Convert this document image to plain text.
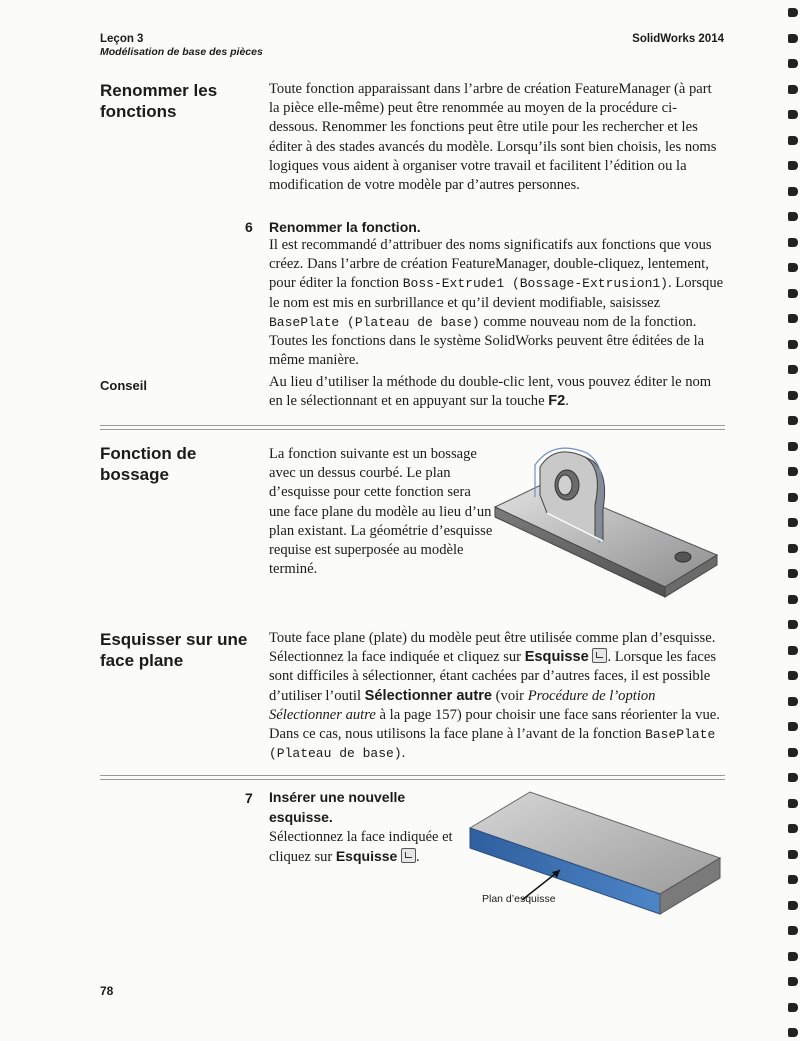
Leçon 3
Modélisation de base des pièces
SolidWorks 2014
Renommer les fonctions
Toute fonction apparaissant dans l’arbre de création FeatureManager (à part la pièce elle-même) peut être renommée au moyen de la procédure ci-dessous. Renommer les fonctions peut être utile pour les rechercher et les éditer à des stades avancés du modèle. Lorsqu’ils sont bien choisis, les noms logiques vous aident à organiser votre travail et facilitent l’édition ou la modification de votre modèle par d’autres personnes.
6 Renommer la fonction.
Il est recommandé d’attribuer des noms significatifs aux fonctions que vous créez. Dans l’arbre de création FeatureManager, double-cliquez, lentement, pour éditer la fonction Boss-Extrude1 (Bossage-Extrusion1). Lorsque le nom est mis en surbrillance et qu’il devient modifiable, saisissez BasePlate (Plateau de base) comme nouveau nom de la fonction. Toutes les fonctions dans le système SolidWorks peuvent être éditées de la même manière.
Conseil	Au lieu d’utiliser la méthode du double-clic lent, vous pouvez éditer le nom en le sélectionnant et en appuyant sur la touche F2.
Fonction de bossage
La fonction suivante est un bossage avec un dessus courbé. Le plan d’esquisse pour cette fonction sera une face plane du modèle au lieu d’un plan existant. La géométrie d’esquisse requise est superposée au modèle terminé.
Esquisser sur une face plane
Toute face plane (plate) du modèle peut être utilisée comme plan d’esquisse. Sélectionnez la face indiquée et cliquez sur Esquisse . Lorsque les faces sont difficiles à sélectionner, étant cachées par d’autres faces, il est possible d’utiliser l’outil Sélectionner autre (voir Procédure de l’option Sélectionner autre à la page 157) pour choisir une face sans réorienter la vue. Dans ce cas, nous utilisons la face plane à l’avant de la fonction BasePlate (Plateau de base).
7 Insérer une nouvelle esquisse.
Sélectionnez la face indiquée et cliquez sur Esquisse .
Plan d’esquisse
78
